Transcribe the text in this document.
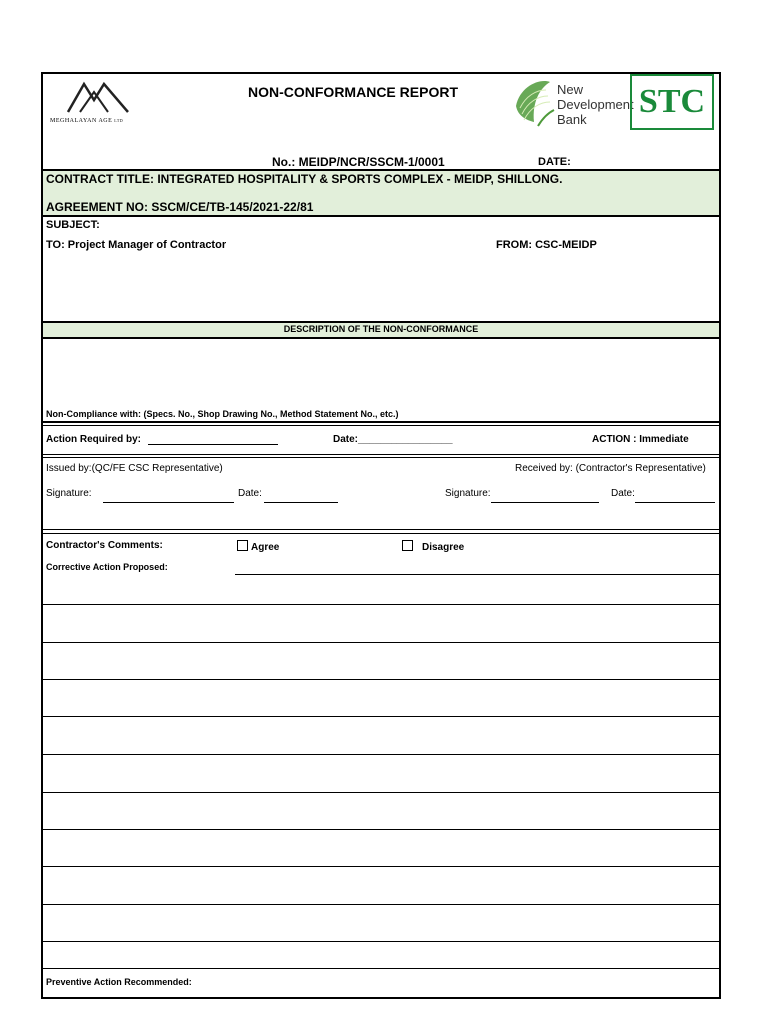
MEGHALAYAN AGE LTD
NON-CONFORMANCE REPORT	New
Development
Bank	STC
No.: MEIDP/NCR/SSCM-1/0001	DATE:
CONTRACT TITLE: INTEGRATED HOSPITALITY & SPORTS COMPLEX - MEIDP, SHILLONG.
AGREEMENT NO: SSCM/CE/TB-145/2021-22/81
SUBJECT:
TO: Project Manager of Contractor	FROM: CSC-MEIDP
DESCRIPTION OF THE NON-CONFORMANCE
Non-Compliance with: (Specs. No., Shop Drawing No., Method Statement No., etc.)
Action Required by:	Date:_________________	ACTION : Immediate
Issued by:(QC/FE CSC Representative)	Received by: (Contractor's Representative)
Signature:	Date:	Signature:	Date:
Contractor's Comments:	Agree	Disagree
Corrective Action Proposed:
Preventive Action Recommended:
